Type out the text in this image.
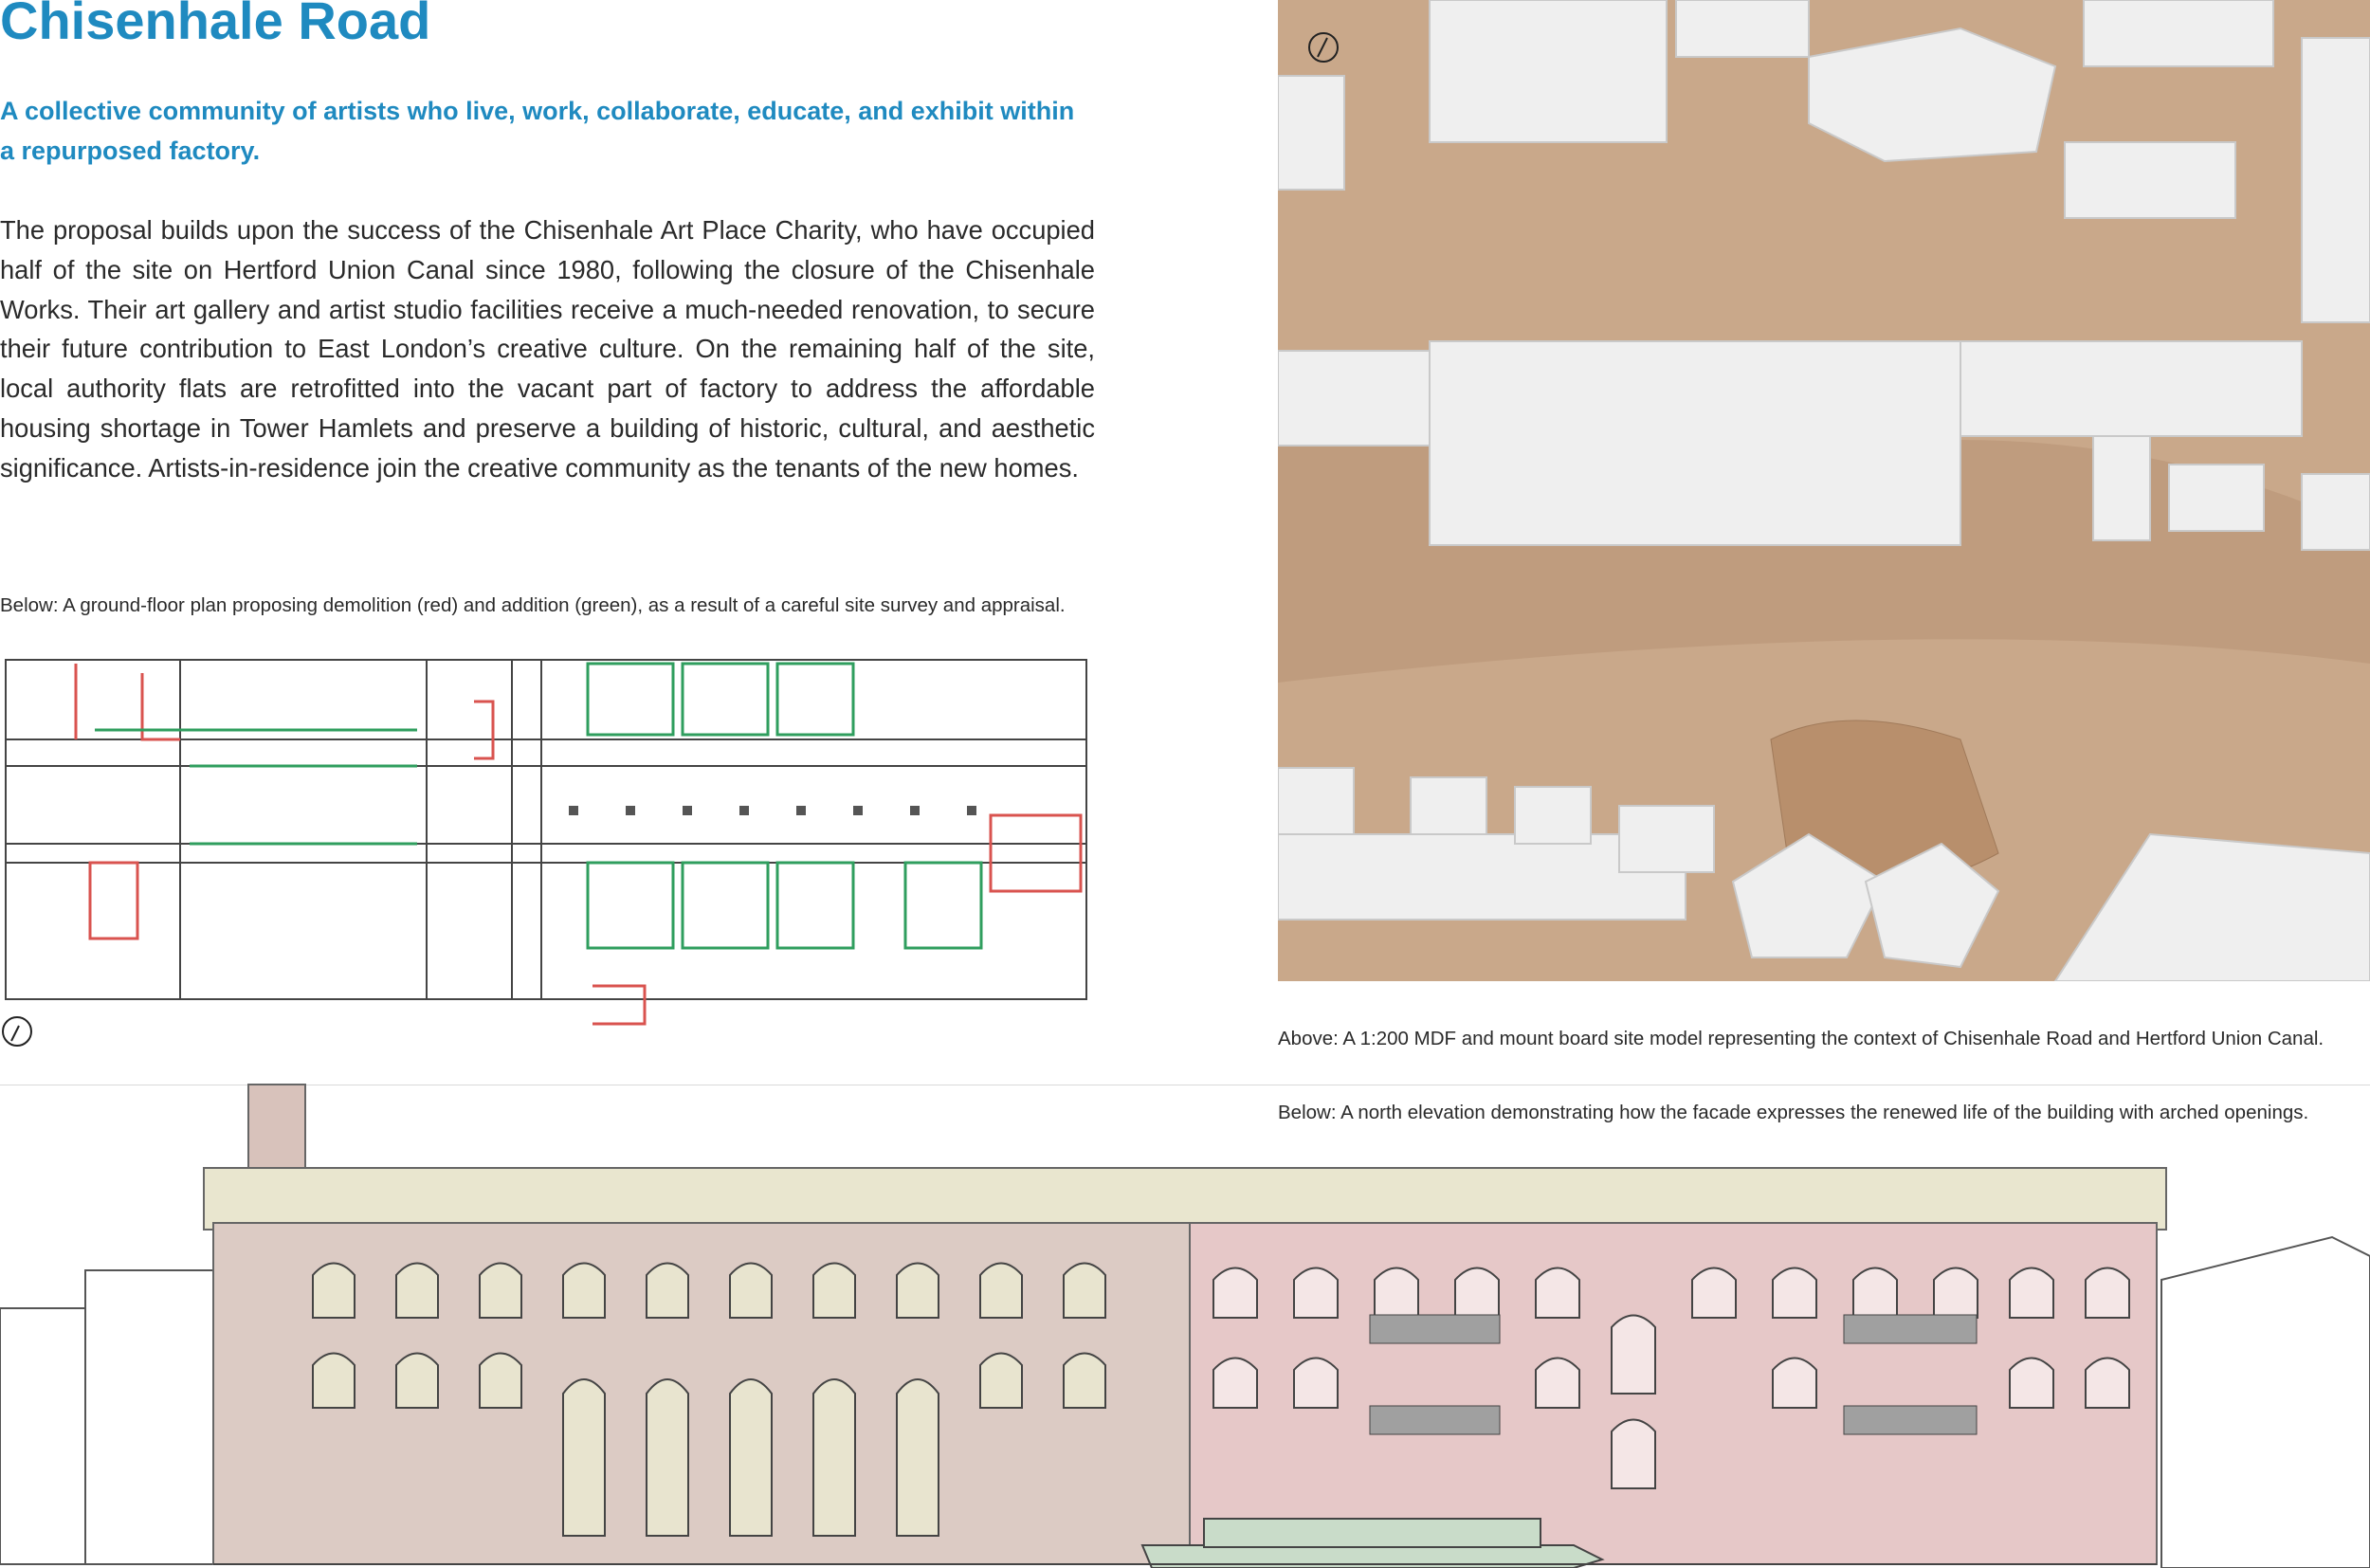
Chisenhale Road

A collective community of artists who live, work, collaborate, educate, and exhibit within a repurposed factory.

The proposal builds upon the success of the Chisenhale Art Place Charity, who have occupied half of the site on Hertford Union Canal since 1980, following the closure of the Chisenhale Works. Their art gallery and artist studio facilities receive a much-needed renovation, to secure their future contribution to East London’s creative culture. On the remaining half of the site, local authority flats are retrofitted into the vacant part of factory to address the affordable housing shortage in Tower Hamlets and preserve a building of historic, cultural, and aesthetic significance. Artists-in-residence join the creative community as the tenants of the new homes.

Below: A ground-floor plan proposing demolition (red) and addition (green), as a result of a careful site survey and appraisal.
Above: A 1:200 MDF and mount board site model representing the context of Chisenhale Road and Hertford Union Canal.
Below: A north elevation demonstrating how the facade expresses the renewed life of the building with arched openings.
